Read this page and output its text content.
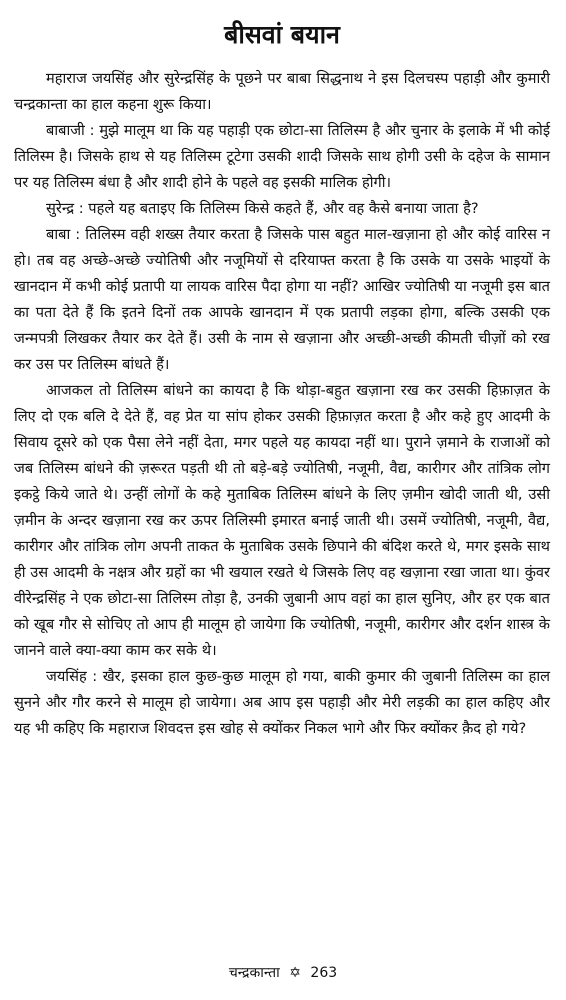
बीसवां बयान

महाराज जयसिंह और सुरेन्द्रसिंह के पूछने पर बाबा सिद्धनाथ ने इस दिलचस्प पहाड़ी और कुमारी चन्द्रकान्ता का हाल कहना शुरू किया।

बाबाजी : मुझे मालूम था कि यह पहाड़ी एक छोटा-सा तिलिस्म है और चुनार के इलाके में भी कोई तिलिस्म है। जिसके हाथ से यह तिलिस्म टूटेगा उसकी शादी जिसके साथ होगी उसी के दहेज के सामान पर यह तिलिस्म बंधा है और शादी होने के पहले वह इसकी मालिक होगी।

सुरेन्द्र : पहले यह बताइए कि तिलिस्म किसे कहते हैं, और वह कैसे बनाया जाता है?

बाबा : तिलिस्म वही शख्स तैयार करता है जिसके पास बहुत माल-खज़ाना हो और कोई वारिस न हो। तब वह अच्छे-अच्छे ज्योतिषी और नजूमियों से दरियाफ्त करता है कि उसके या उसके भाइयों के खानदान में कभी कोई प्रतापी या लायक वारिस पैदा होगा या नहीं? आखिर ज्योतिषी या नजूमी इस बात का पता देते हैं कि इतने दिनों तक आपके खानदान में एक प्रतापी लड़का होगा, बल्कि उसकी एक जन्मपत्री लिखकर तैयार कर देते हैं। उसी के नाम से खज़ाना और अच्छी-अच्छी कीमती चीज़ों को रख कर उस पर तिलिस्म बांधते हैं।

आजकल तो तिलिस्म बांधने का कायदा है कि थोड़ा-बहुत खज़ाना रख कर उसकी हिफ़ाज़त के लिए दो एक बलि दे देते हैं, वह प्रेत या सांप होकर उसकी हिफ़ाज़त करता है और कहे हुए आदमी के सिवाय दूसरे को एक पैसा लेने नहीं देता, मगर पहले यह कायदा नहीं था। पुराने ज़माने के राजाओं को जब तिलिस्म बांधने की ज़रूरत पड़ती थी तो बड़े-बड़े ज्योतिषी, नजूमी, वैद्य, कारीगर और तांत्रिक लोग इकट्ठे किये जाते थे। उन्हीं लोगों के कहे मुताबिक तिलिस्म बांधने के लिए ज़मीन खोदी जाती थी, उसी ज़मीन के अन्दर खज़ाना रख कर ऊपर तिलिस्मी इमारत बनाई जाती थी। उसमें ज्योतिषी, नजूमी, वैद्य, कारीगर और तांत्रिक लोग अपनी ताकत के मुताबिक उसके छिपाने की बंदिश करते थे, मगर इसके साथ ही उस आदमी के नक्षत्र और ग्रहों का भी खयाल रखते थे जिसके लिए वह खज़ाना रखा जाता था। कुंवर वीरेन्द्रसिंह ने एक छोटा-सा तिलिस्म तोड़ा है, उनकी जुबानी आप वहां का हाल सुनिए, और हर एक बात को खूब गौर से सोचिए तो आप ही मालूम हो जायेगा कि ज्योतिषी, नजूमी, कारीगर और दर्शन शास्त्र के जानने वाले क्या-क्या काम कर सके थे।

जयसिंह : खैर, इसका हाल कुछ-कुछ मालूम हो गया, बाकी कुमार की जुबानी तिलिस्म का हाल सुनने और गौर करने से मालूम हो जायेगा। अब आप इस पहाड़ी और मेरी लड़की का हाल कहिए और यह भी कहिए कि महाराज शिवदत्त इस खोह से क्योंकर निकल भागे और फिर क्योंकर क़ैद हो गये?

चन्द्रकान्ता ✡ 263
